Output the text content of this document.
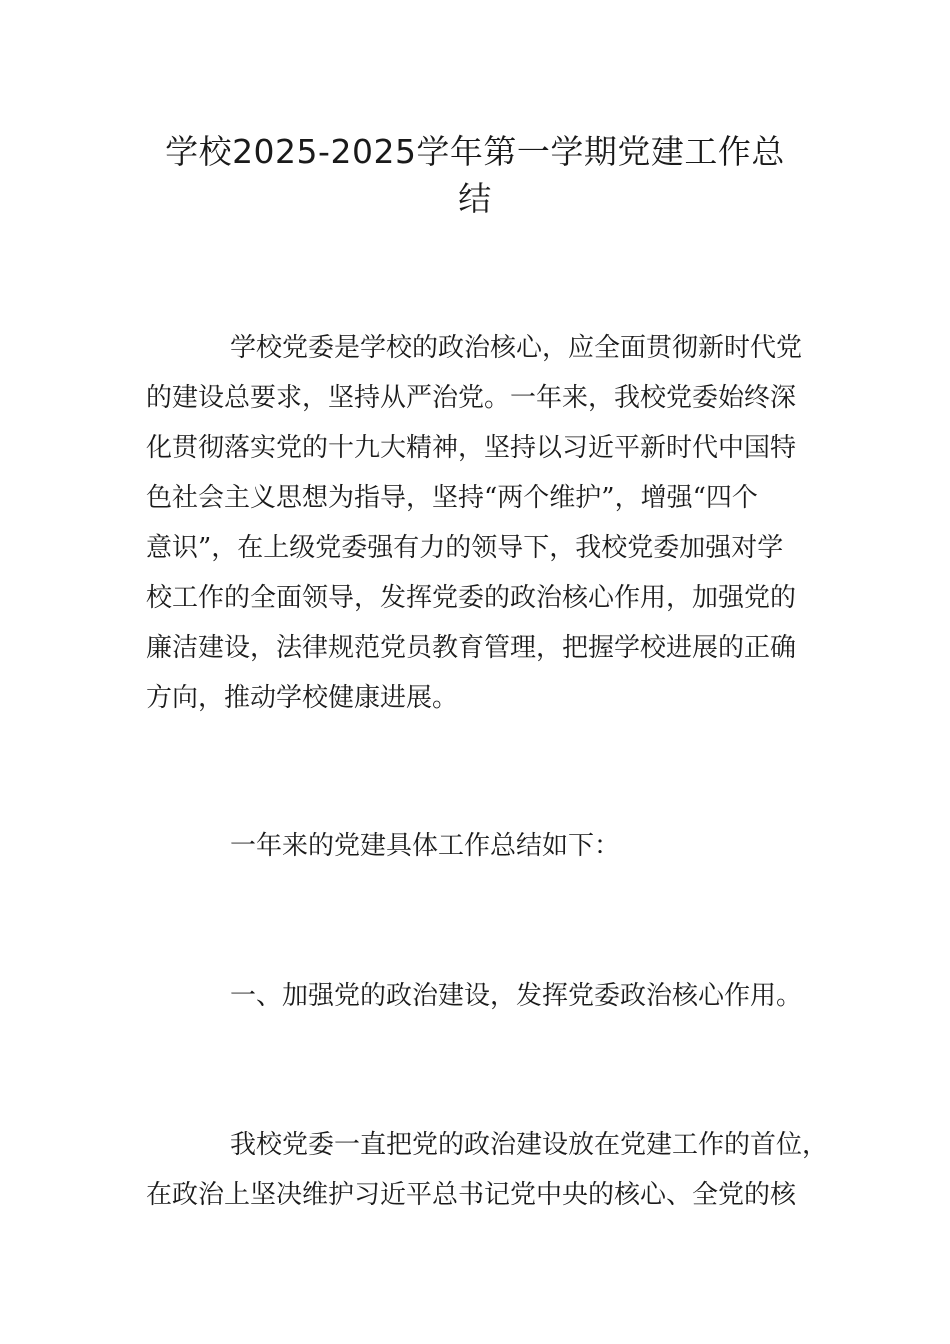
学校2025-2025学年第一学期党建工作总
结

学校党委是学校的政治核心，应全面贯彻新时代党
的建设总要求，坚持从严治党。一年来，我校党委始终深
化贯彻落实党的十九大精神，坚持以习近平新时代中国特
色社会主义思想为指导，坚持“两个维护”，增强“四个
意识”，在上级党委强有力的领导下，我校党委加强对学
校工作的全面领导，发挥党委的政治核心作用，加强党的
廉洁建设，法律规范党员教育管理，把握学校进展的正确
方向，推动学校健康进展。

一年来的党建具体工作总结如下：

一、加强党的政治建设，发挥党委政治核心作用。

我校党委一直把党的政治建设放在党建工作的首位，
在政治上坚决维护习近平总书记党中央的核心、全党的核
